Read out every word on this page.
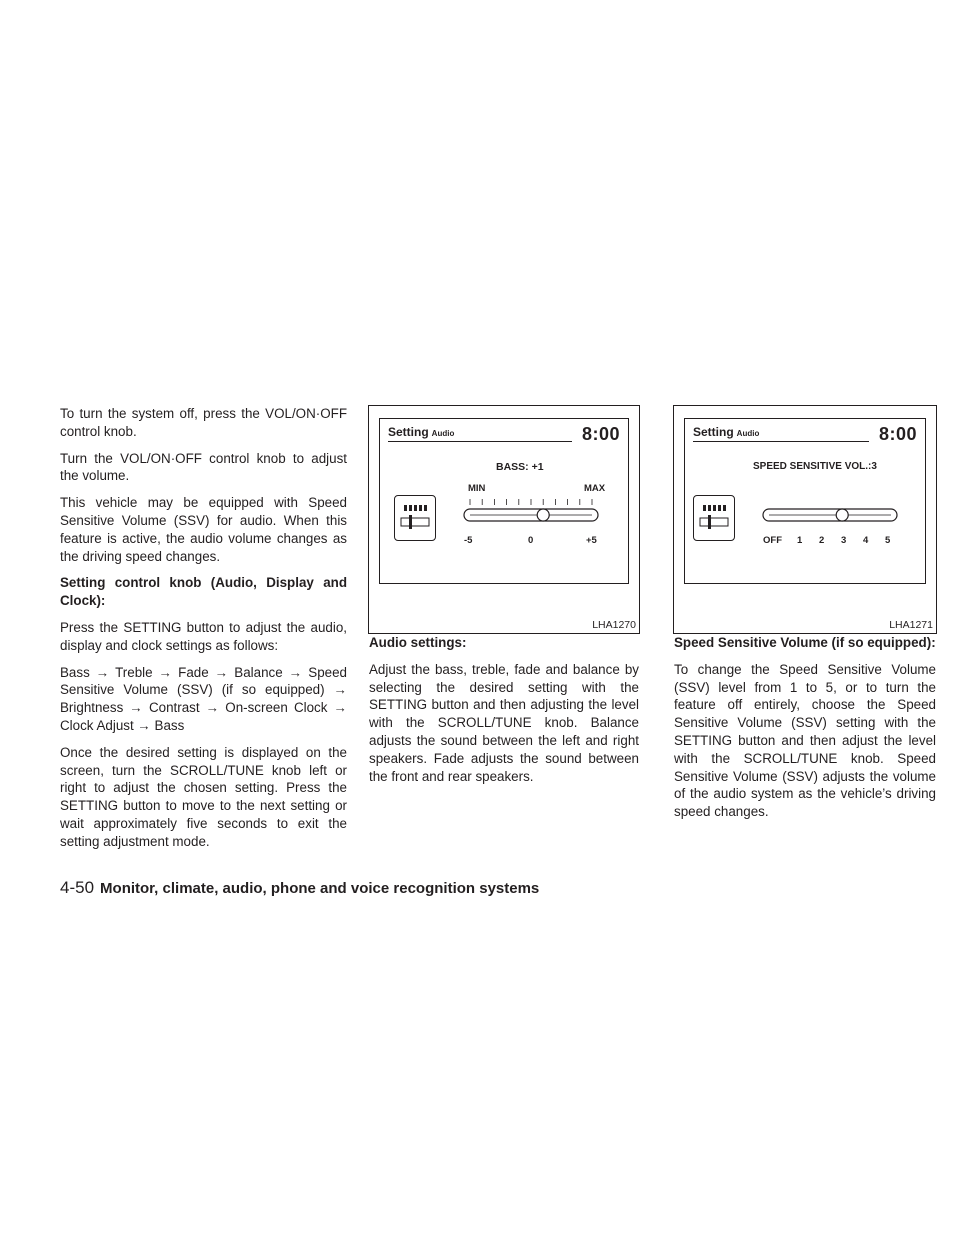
To turn the system off, press the VOL/ON·OFF control knob.

Turn the VOL/ON·OFF control knob to adjust the volume.

This vehicle may be equipped with Speed Sensitive Volume (SSV) for audio. When this feature is active, the audio volume changes as the driving speed changes.

Setting control knob (Audio, Display and Clock):

Press the SETTING button to adjust the audio, display and clock settings as follows:

Bass → Treble → Fade → Balance → Speed Sensitive Volume (SSV) (if so equipped) → Brightness → Contrast → On-screen Clock → Clock Adjust → Bass

Once the desired setting is displayed on the screen, turn the SCROLL/TUNE knob left or right to adjust the chosen setting. Press the SETTING button to move to the next setting or wait approximately five seconds to exit the setting adjustment mode.

Setting Audio	8:00
BASS: +1
MIN	MAX
-5	0	+5
LHA1270
Setting Audio	8:00
SPEED SENSITIVE VOL.:3
OFF 1 2 3 4 5
LHA1271

Audio settings:

Adjust the bass, treble, fade and balance by selecting the desired setting with the SETTING button and then adjusting the level with the SCROLL/TUNE knob. Balance adjusts the sound between the left and right speakers. Fade adjusts the sound between the front and rear speakers.

Speed Sensitive Volume (if so equipped):

To change the Speed Sensitive Volume (SSV) level from 1 to 5, or to turn the feature off entirely, choose the Speed Sensitive Volume (SSV) setting with the SETTING button and then adjust the level with the SCROLL/TUNE knob. Speed Sensitive Volume (SSV) adjusts the volume of the audio system as the vehicle’s driving speed changes.

4-50 Monitor, climate, audio, phone and voice recognition systems
